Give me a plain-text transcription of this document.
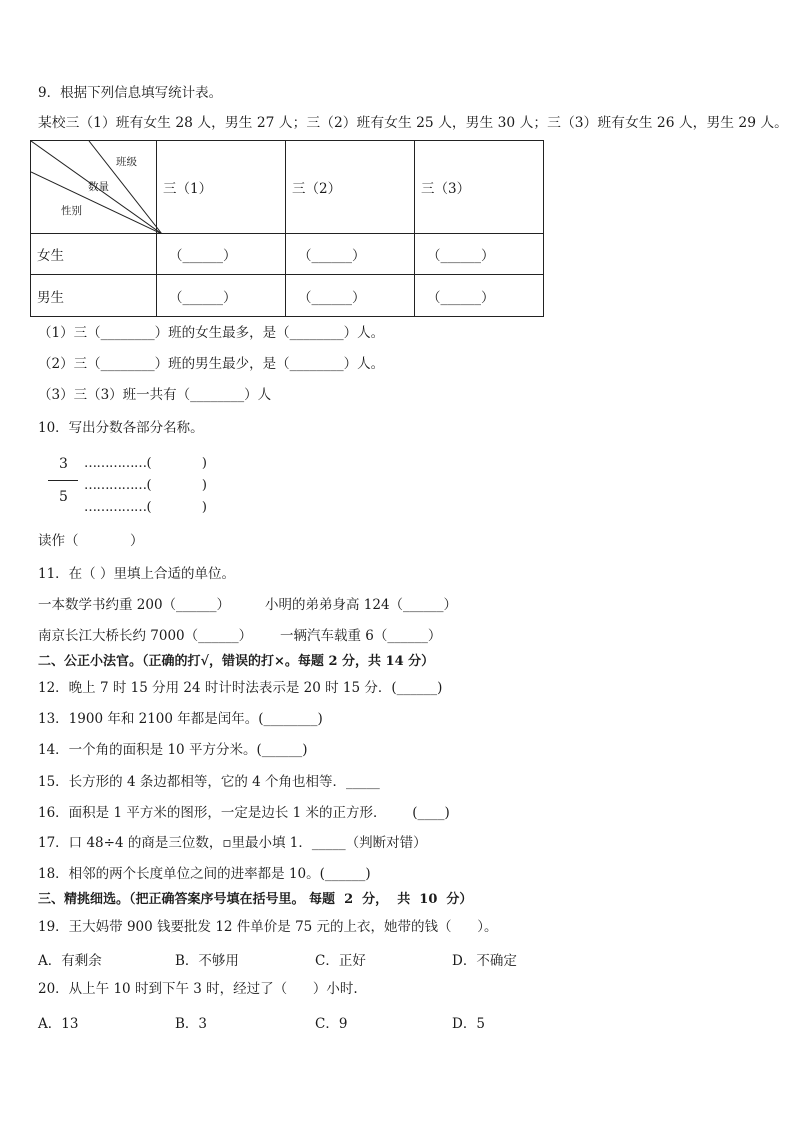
9．根据下列信息填写统计表。
某校三（1）班有女生 28 人，男生 27 人；三（2）班有女生 25 人，男生 30 人；三（3）班有女生 26 人，男生 29 人。
班级
数量
性别	三（1）	三（2）	三（3）
女生	（______）	（______）	（______）
男生	（______）	（______）	（______）
（1）三（________）班的女生最多，是（________）人。
（2）三（________）班的男生最少，是（________）人。
（3）三（3）班一共有（________）人
10．写出分数各部分名称。
3
5
……………(              )
……………(              )
……………(              )
读作（            ）
11．在（ ）里填上合适的单位。
一本数学书约重 200（______）	小明的弟弟身高 124（______）
南京长江大桥长约 7000（______） 一辆汽车载重 6（______）
二、公正小法官。（正确的打√，错误的打×。每题 2 分，共 14 分）
12．晚上 7 时 15 分用 24 时计时法表示是 20 时 15 分．(______)
13．1900 年和 2100 年都是闰年。(________)
14．一个角的面积是 10 平方分米。(______)
15．长方形的 4 条边都相等，它的 4 个角也相等．_____
16．面积是 1 平方米的图形，一定是边长 1 米的正方形．      (____)
17．口 48÷4 的商是三位数，▫里最小填 1．_____（判断对错）
18．相邻的两个长度单位之间的进率都是 10。(______)
三、精挑细选。（把正确答案序号填在括号里。 每题  2  分，  共  10  分）
19．王大妈带 900 钱要批发 12 件单价是 75 元的上衣，她带的钱（      ）。
A．有剩余	B．不够用	C．正好	D．不确定
20．从上午 10 时到下午 3 时，经过了（      ）小时.
A．13	B．3	C．9	D．5
